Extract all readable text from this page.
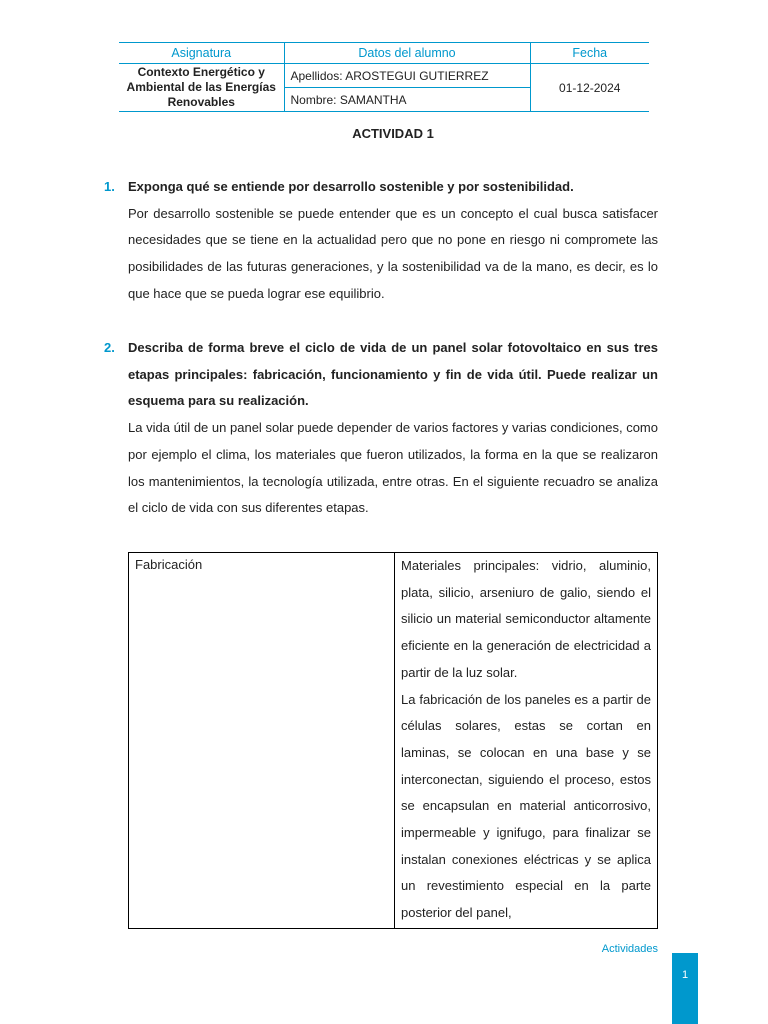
Asignatura	Datos del alumno	Fecha
Contexto Energético y Ambiental de las Energías Renovables	Apellidos: AROSTEGUI GUTIERREZ	01-12-2024
	Nombre: SAMANTHA	
ACTIVIDAD 1
1. Exponga qué se entiende por desarrollo sostenible y por sostenibilidad.

Por desarrollo sostenible se puede entender que es un concepto el cual busca satisfacer necesidades que se tiene en la actualidad pero que no pone en riesgo ni compromete las posibilidades de las futuras generaciones, y la sostenibilidad va de la mano, es decir, es lo que hace que se pueda lograr ese equilibrio.

2. Describa de forma breve el ciclo de vida de un panel solar fotovoltaico en sus tres etapas principales: fabricación, funcionamiento y fin de vida útil. Puede realizar un esquema para su realización.

La vida útil de un panel solar puede depender de varios factores y varias condiciones, como por ejemplo el clima, los materiales que fueron utilizados, la forma en la que se realizaron los mantenimientos, la tecnología utilizada, entre otras. En el siguiente recuadro se analiza el ciclo de vida con sus diferentes etapas.

Fabricación	Materiales principales: vidrio, aluminio, plata, silicio, arseniuro de galio, siendo el silicio un material semiconductor altamente eficiente en la generación de electricidad a partir de la luz solar.

La fabricación de los paneles es a partir de células solares, estas se cortan en laminas, se colocan en una base y se interconectan, siguiendo el proceso, estos se encapsulan en material anticorrosivo, impermeable y ignifugo, para finalizar se instalan conexiones eléctricas y se aplica un revestimiento especial en la parte posterior del panel,

Actividades
1
